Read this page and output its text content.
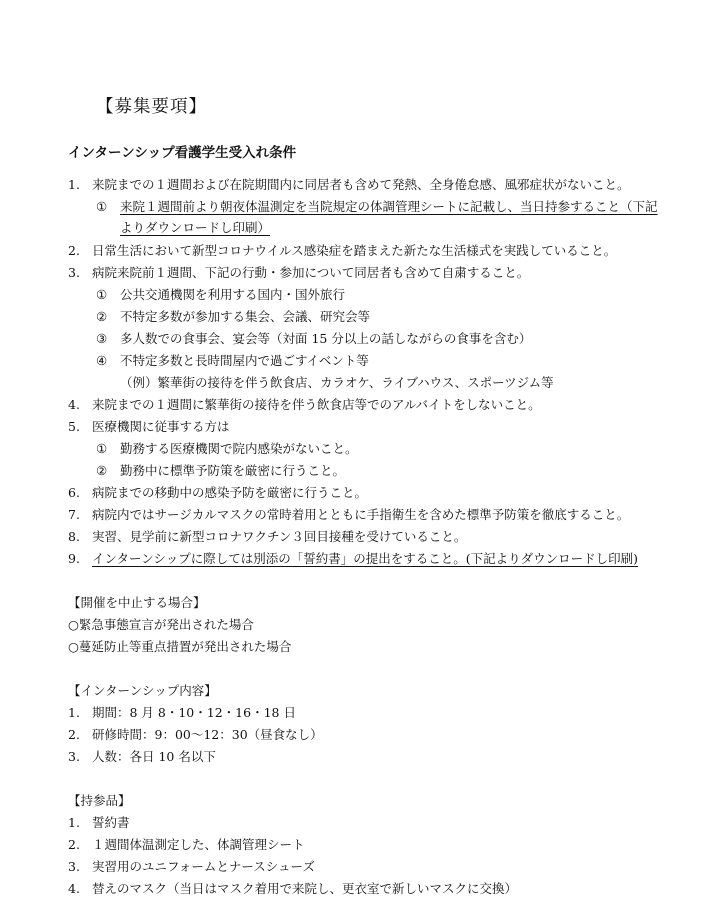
【募集要項】
インターンシップ看護学生受入れ条件
1. 来院までの１週間および在院期間内に同居者も含めて発熱、全身倦怠感、風邪症状がないこと。
① 来院１週間前より朝夜体温測定を当院規定の体調管理シートに記載し、当日持参すること（下記
よりダウンロードし印刷）
2. 日常生活において新型コロナウイルス感染症を踏まえた新たな生活様式を実践していること。
3. 病院来院前１週間、下記の行動・参加について同居者も含めて自粛すること。
① 公共交通機関を利用する国内・国外旅行
② 不特定多数が参加する集会、会議、研究会等
③ 多人数での食事会、宴会等（対面 15 分以上の話しながらの食事を含む）
④ 不特定多数と長時間屋内で過ごすイベント等
（例）繁華街の接待を伴う飲食店、カラオケ、ライブハウス、スポーツジム等
4. 来院までの１週間に繁華街の接待を伴う飲食店等でのアルバイトをしないこと。
5. 医療機関に従事する方は
① 勤務する医療機関で院内感染がないこと。
② 勤務中に標準予防策を厳密に行うこと。
6. 病院までの移動中の感染予防を厳密に行うこと。
7. 病院内ではサージカルマスクの常時着用とともに手指衛生を含めた標準予防策を徹底すること。
8. 実習、見学前に新型コロナワクチン３回目接種を受けていること。
9. インターンシップに際しては別添の「誓約書」の提出をすること。(下記よりダウンロードし印刷)
【開催を中止する場合】
○緊急事態宣言が発出された場合
○蔓延防止等重点措置が発出された場合
【インターンシップ内容】
1. 期間：8 月 8・10・12・16・18 日
2. 研修時間：9：00～12：30（昼食なし）
3. 人数：各日 10 名以下
【持参品】
1. 誓約書
2. １週間体温測定した、体調管理シート
3. 実習用のユニフォームとナースシューズ
4. 替えのマスク（当日はマスク着用で来院し、更衣室で新しいマスクに交換）
